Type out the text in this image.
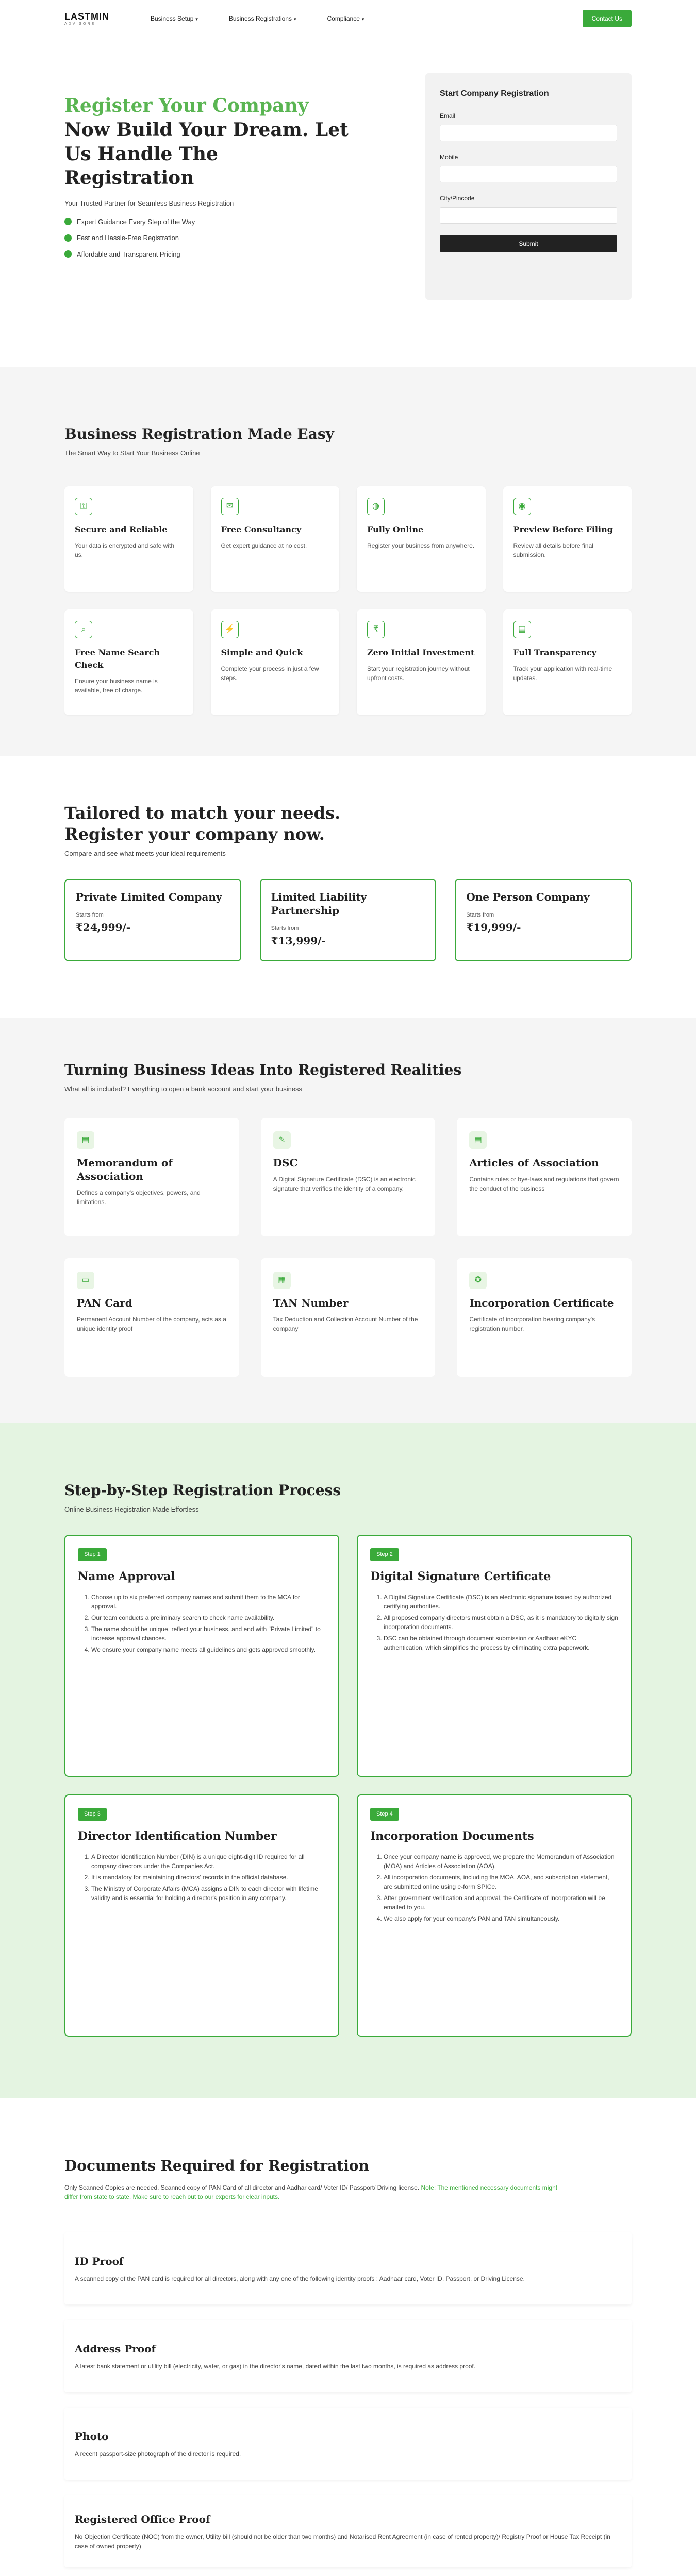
LASTMIN
ADVISORE
Business Setup ▾	Business Registrations ▾	Compliance ▾	Contact Us
Register Your Company
Now Build Your Dream. Let Us Handle The Registration
Your Trusted Partner for Seamless Business Registration
Expert Guidance Every Step of the Way
Fast and Hassle-Free Registration
Affordable and Transparent Pricing
Start Company Registration
Email
Mobile
City/Pincode
Submit
Business Registration Made Easy
The Smart Way to Start Your Business Online
⚿
Secure and Reliable

Your data is encrypted and safe with us.

✉
Free Consultancy

Get expert guidance at no cost.

◍
Fully Online

Register your business from anywhere.

◉
Preview Before Filing

Review all details before final submission.

⌕
Free Name Search Check

Ensure your business name is available, free of charge.

⚡
Simple and Quick

Complete your process in just a few steps.

₹
Zero Initial Investment

Start your registration journey without upfront costs.

▤
Full Transparency

Track your application with real-time updates.

Tailored to match your needs.
Register your company now.
Compare and see what meets your ideal requirements
Private Limited Company
Starts from
₹24,999/-
Limited Liability Partnership
Starts from
₹13,999/-
One Person Company
Starts from
₹19,999/-
Turning Business Ideas Into Registered Realities
What all is included? Everything to open a bank account and start your business
▤
Memorandum of Association

Defines a company's objectives, powers, and limitations.

✎
DSC

A Digital Signature Certificate (DSC) is an electronic signature that verifies the identity of a company.

▤
Articles of Association

Contains rules or bye-laws and regulations that govern the conduct of the business

▭
PAN Card

Permanent Account Number of the company, acts as a unique identity proof

▦
TAN Number

Tax Deduction and Collection Account Number of the company

✪
Incorporation Certificate

Certificate of incorporation bearing company's registration number.

Step-by-Step Registration Process
Online Business Registration Made Effortless
Step 1
Name Approval
1. Choose up to six preferred company names and submit them to the MCA for approval.
2. Our team conducts a preliminary search to check name availability.
3. The name should be unique, reflect your business, and end with "Private Limited" to increase approval chances.
4. We ensure your company name meets all guidelines and gets approved smoothly.
Step 2
Digital Signature Certificate
1. A Digital Signature Certificate (DSC) is an electronic signature issued by authorized certifying authorities.
2. All proposed company directors must obtain a DSC, as it is mandatory to digitally sign incorporation documents.
3. DSC can be obtained through document submission or Aadhaar eKYC authentication, which simplifies the process by eliminating extra paperwork.
Step 3
Director Identification Number
1. A Director Identification Number (DIN) is a unique eight-digit ID required for all company directors under the Companies Act.
2. It is mandatory for maintaining directors' records in the official database.
3. The Ministry of Corporate Affairs (MCA) assigns a DIN to each director with lifetime validity and is essential for holding a director's position in any company.
Step 4
Incorporation Documents
1. Once your company name is approved, we prepare the Memorandum of Association (MOA) and Articles of Association (AOA).
2. All incorporation documents, including the MOA, AOA, and subscription statement, are submitted online using e-form SPICe.
3. After government verification and approval, the Certificate of Incorporation will be emailed to you.
4. We also apply for your company's PAN and TAN simultaneously.
Documents Required for Registration
Only Scanned Copies are needed. Scanned copy of PAN Card of all director and Aadhar card/ Voter ID/ Passport/ Driving license. Note: The mentioned necessary documents might differ from state to state. Make sure to reach out to our experts for clear inputs.
ID Proof

A scanned copy of the PAN card is required for all directors, along with any one of the following identity proofs : Aadhaar card, Voter ID, Passport, or Driving License.

Address Proof

A latest bank statement or utility bill (electricity, water, or gas) in the director's name, dated within the last two months, is required as address proof.

Photo

A recent passport-size photograph of the director is required.

Registered Office Proof

No Objection Certificate (NOC) from the owner, Utility bill (should not be older than two months) and Notarised Rent Agreement (in case of rented property)/ Registry Proof or House Tax Receipt (in case of owned property)
